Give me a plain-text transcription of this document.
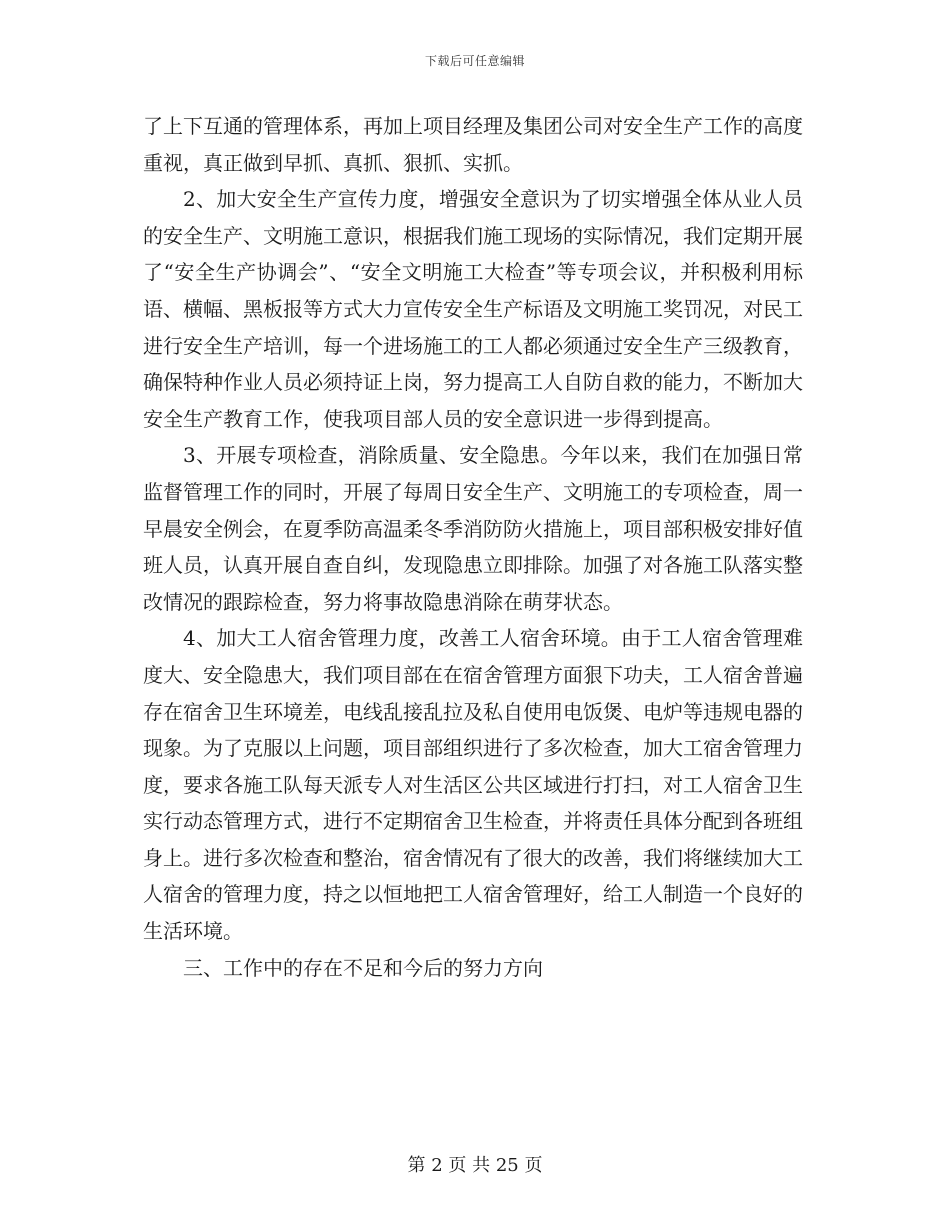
下载后可任意编辑

了上下互通的管理体系，再加上项目经理及集团公司对安全生产工作的高度重视，真正做到早抓、真抓、狠抓、实抓。

2、加大安全生产宣传力度，增强安全意识为了切实增强全体从业人员的安全生产、文明施工意识，根据我们施工现场的实际情况，我们定期开展了“安全生产协调会”、“安全文明施工大检查”等专项会议，并积极利用标语、横幅、黑板报等方式大力宣传安全生产标语及文明施工奖罚况，对民工进行安全生产培训，每一个进场施工的工人都必须通过安全生产三级教育，确保特种作业人员必须持证上岗，努力提高工人自防自救的能力，不断加大安全生产教育工作，使我项目部人员的安全意识进一步得到提高。

3、开展专项检查，消除质量、安全隐患。今年以来，我们在加强日常监督管理工作的同时，开展了每周日安全生产、文明施工的专项检查，周一早晨安全例会，在夏季防高温柔冬季消防防火措施上，项目部积极安排好值班人员，认真开展自查自纠，发现隐患立即排除。加强了对各施工队落实整改情况的跟踪检查，努力将事故隐患消除在萌芽状态。

4、加大工人宿舍管理力度，改善工人宿舍环境。由于工人宿舍管理难度大、安全隐患大，我们项目部在在宿舍管理方面狠下功夫，工人宿舍普遍存在宿舍卫生环境差，电线乱接乱拉及私自使用电饭煲、电炉等违规电器的现象。为了克服以上问题，项目部组织进行了多次检查，加大工宿舍管理力度，要求各施工队每天派专人对生活区公共区域进行打扫，对工人宿舍卫生实行动态管理方式，进行不定期宿舍卫生检查，并将责任具体分配到各班组身上。进行多次检查和整治，宿舍情况有了很大的改善，我们将继续加大工人宿舍的管理力度，持之以恒地把工人宿舍管理好，给工人制造一个良好的生活环境。

三、工作中的存在不足和今后的努力方向

第 2 页 共 25 页
